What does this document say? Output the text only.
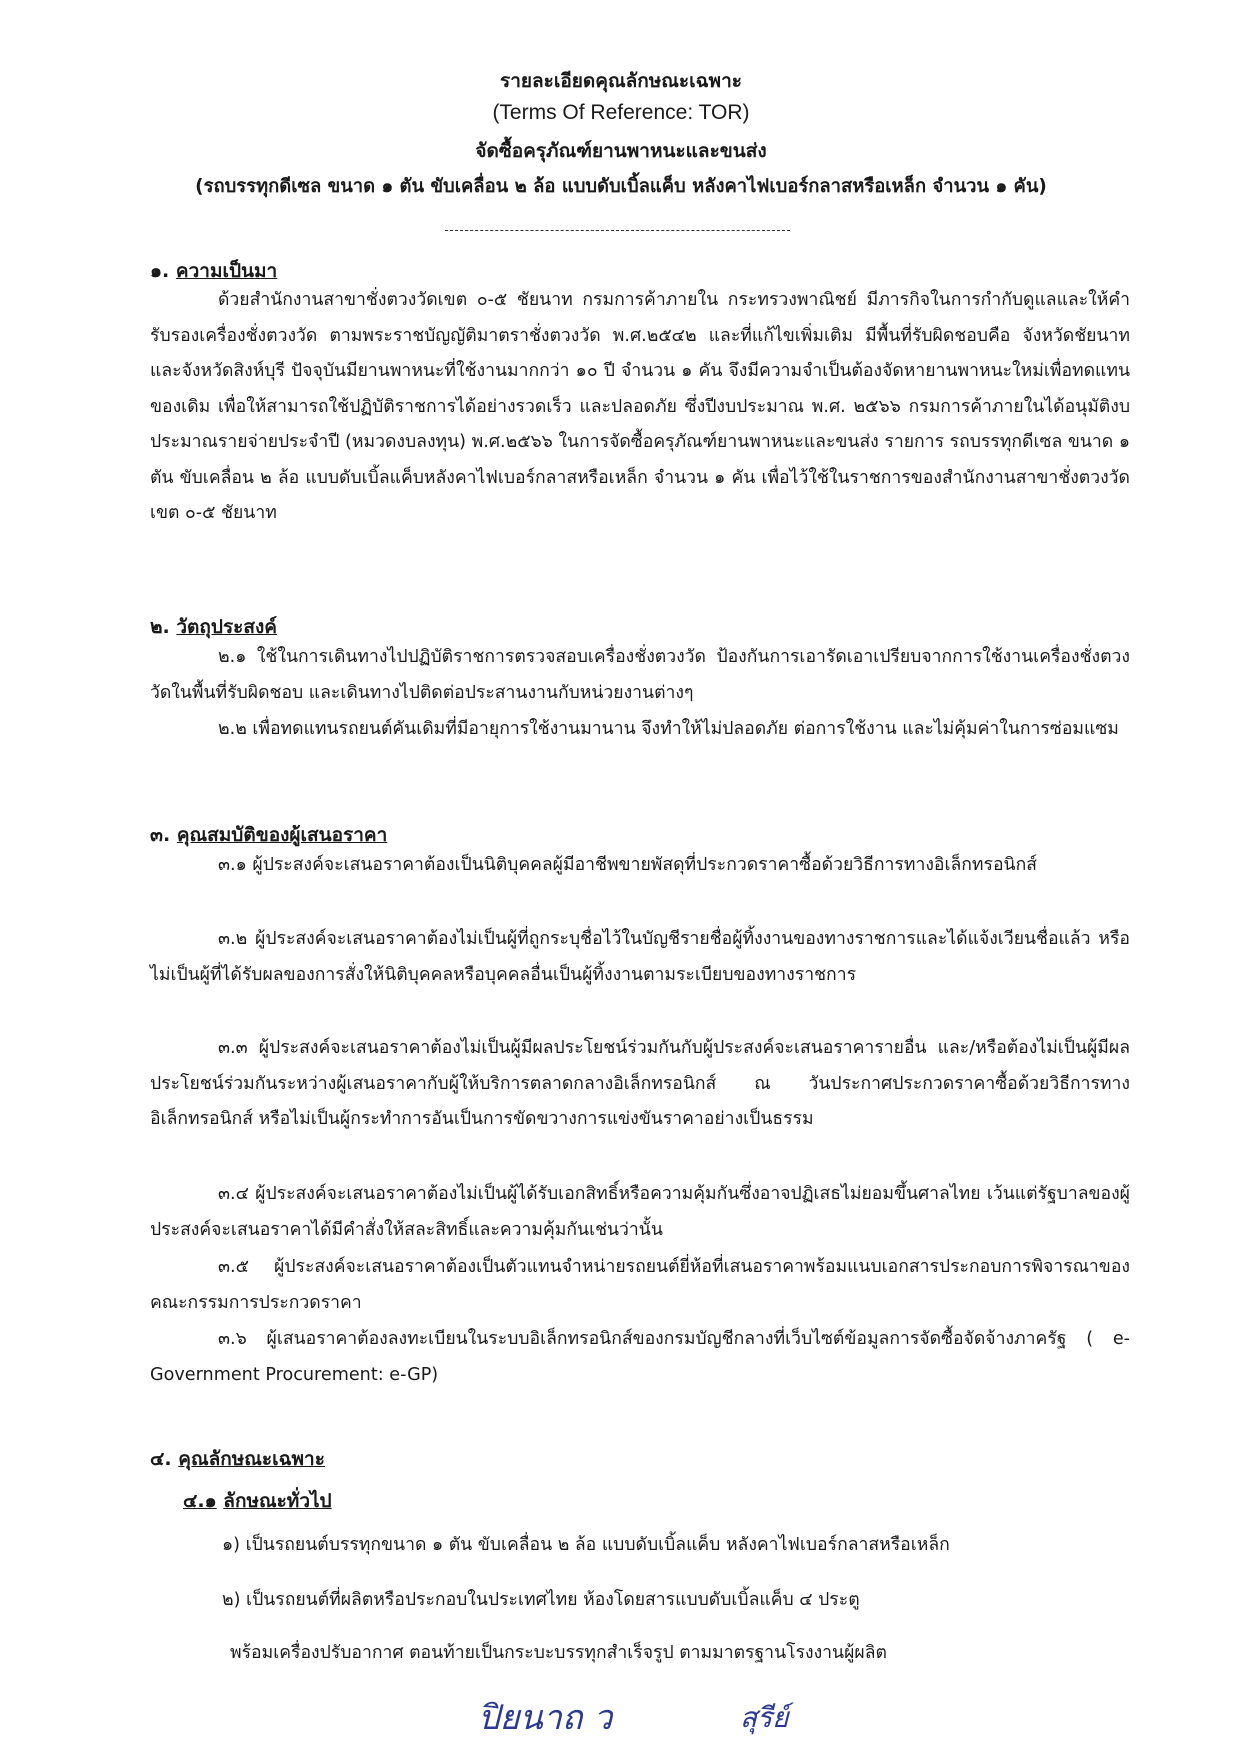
รายละเอียดคุณลักษณะเฉพาะ
(Terms Of Reference: TOR)
จัดซื้อครุภัณฑ์ยานพาหนะและขนส่ง
(รถบรรทุกดีเซล ขนาด ๑ ตัน ขับเคลื่อน ๒ ล้อ แบบดับเบิ้ลแค็บ หลังคาไฟเบอร์กลาสหรือเหล็ก จำนวน ๑ คัน)
๑. ความเป็นมา
ด้วยสำนักงานสาขาชั่งตวงวัดเขต ๐-๕ ชัยนาท กรมการค้าภายใน กระทรวงพาณิชย์ มีภารกิจในการกำกับดูแลและให้คำรับรองเครื่องชั่งตวงวัด ตามพระราชบัญญัติมาตราชั่งตวงวัด พ.ศ.๒๕๔๒ และที่แก้ไขเพิ่มเติม มีพื้นที่รับผิดชอบคือ จังหวัดชัยนาท และจังหวัดสิงห์บุรี ปัจจุบันมียานพาหนะที่ใช้งานมากกว่า ๑๐ ปี จำนวน ๑ คัน จึงมีความจำเป็นต้องจัดหายานพาหนะใหม่เพื่อทดแทนของเดิม เพื่อให้สามารถใช้ปฏิบัติราชการได้อย่างรวดเร็ว และปลอดภัย ซึ่งปีงบประมาณ พ.ศ. ๒๕๖๖ กรมการค้าภายในได้อนุมัติงบประมาณรายจ่ายประจำปี (หมวดงบลงทุน) พ.ศ.๒๕๖๖ ในการจัดซื้อครุภัณฑ์ยานพาหนะและขนส่ง รายการ รถบรรทุกดีเซล ขนาด ๑ ตัน ขับเคลื่อน ๒ ล้อ แบบดับเบิ้ลแค็บหลังคาไฟเบอร์กลาสหรือเหล็ก จำนวน ๑ คัน เพื่อไว้ใช้ในราชการของสำนักงานสาขาชั่งตวงวัดเขต ๐-๕ ชัยนาท
๒. วัตถุประสงค์
๒.๑ ใช้ในการเดินทางไปปฏิบัติราชการตรวจสอบเครื่องชั่งตวงวัด ป้องกันการเอารัดเอาเปรียบจากการใช้งานเครื่องชั่งตวงวัดในพื้นที่รับผิดชอบ และเดินทางไปติดต่อประสานงานกับหน่วยงานต่างๆ
๒.๒ เพื่อทดแทนรถยนต์คันเดิมที่มีอายุการใช้งานมานาน จึงทำให้ไม่ปลอดภัย ต่อการใช้งาน และไม่คุ้มค่าในการซ่อมแซม
๓. คุณสมบัติของผู้เสนอราคา
๓.๑ ผู้ประสงค์จะเสนอราคาต้องเป็นนิติบุคคลผู้มีอาชีพขายพัสดุที่ประกวดราคาซื้อด้วยวิธีการทางอิเล็กทรอนิกส์
๓.๒ ผู้ประสงค์จะเสนอราคาต้องไม่เป็นผู้ที่ถูกระบุชื่อไว้ในบัญชีรายชื่อผู้ทิ้งงานของทางราชการและได้แจ้งเวียนชื่อแล้ว หรือไม่เป็นผู้ที่ได้รับผลของการสั่งให้นิติบุคคลหรือบุคคลอื่นเป็นผู้ทิ้งงานตามระเบียบของทางราชการ
๓.๓ ผู้ประสงค์จะเสนอราคาต้องไม่เป็นผู้มีผลประโยชน์ร่วมกันกับผู้ประสงค์จะเสนอราคารายอื่น และ/หรือต้องไม่เป็นผู้มีผลประโยชน์ร่วมกันระหว่างผู้เสนอราคากับผู้ให้บริการตลาดกลางอิเล็กทรอนิกส์ ณ วันประกาศประกวดราคาซื้อด้วยวิธีการทางอิเล็กทรอนิกส์ หรือไม่เป็นผู้กระทำการอันเป็นการขัดขวางการแข่งขันราคาอย่างเป็นธรรม
๓.๔ ผู้ประสงค์จะเสนอราคาต้องไม่เป็นผู้ได้รับเอกสิทธิ์หรือความคุ้มกันซึ่งอาจปฏิเสธไม่ยอมขึ้นศาลไทย เว้นแต่รัฐบาลของผู้ประสงค์จะเสนอราคาได้มีคำสั่งให้สละสิทธิ์และความคุ้มกันเช่นว่านั้น
๓.๕ ผู้ประสงค์จะเสนอราคาต้องเป็นตัวแทนจำหน่ายรถยนต์ยี่ห้อที่เสนอราคาพร้อมแนบเอกสารประกอบการพิจารณาของคณะกรรมการประกวดราคา
๓.๖ ผู้เสนอราคาต้องลงทะเบียนในระบบอิเล็กทรอนิกส์ของกรมบัญชีกลางที่เว็บไซต์ข้อมูลการจัดซื้อจัดจ้างภาครัฐ ( e-Government Procurement: e-GP)
๔. คุณลักษณะเฉพาะ
๔.๑ ลักษณะทั่วไป
๑) เป็นรถยนต์บรรทุกขนาด ๑ ตัน ขับเคลื่อน ๒ ล้อ แบบดับเบิ้ลแค็บ หลังคาไฟเบอร์กลาสหรือเหล็ก
๒) เป็นรถยนต์ที่ผลิตหรือประกอบในประเทศไทย ห้องโดยสารแบบดับเบิ้ลแค็บ ๔ ประตู
พร้อมเครื่องปรับอากาศ ตอนท้ายเป็นกระบะบรรทุกสำเร็จรูป ตามมาตรฐานโรงงานผู้ผลิต
ปิยนาถ ว	สุรีย์
